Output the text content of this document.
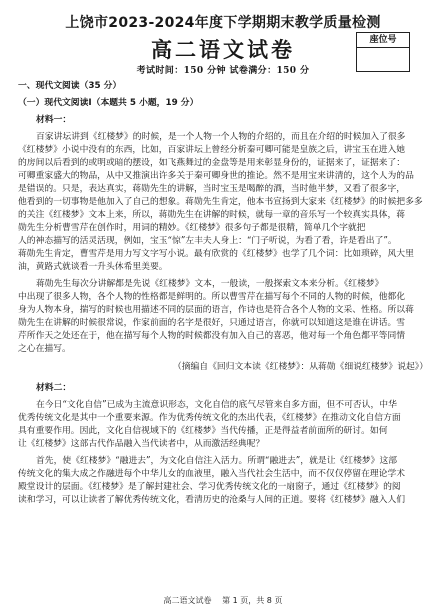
上饶市2023-2024年度下学期期末教学质量检测
高二语文试卷	座位号
考试时间：150 分钟 试卷满分：150 分
一、现代文阅读（35 分）
（一）现代文阅读Ⅰ（本题共 5 小题，19 分）
材料一：
百家讲坛讲到《红楼梦》的时候，是一个人物一个人物的介绍的，而且在介绍的时候加入了很多
《红楼梦》小说中没有的东西，比如，百家讲坛上曾经分析秦可卿可能是皇族之后，讲宝玉在进入她
的房间以后看到的或明或暗的摆设，如飞燕舞过的金盘等是用来彰显身份的，证据来了，证据来了：
可卿重家盛大的物品，从中又推演出许多关于秦可卿身世的推论。然不是用宝来讲清的，这个人为的品
是错误的。只是，表达真实，蒋勋先生的讲解，当时宝玉是喝醉的酒，当时他半梦，又看了很多字，
他看到的一切事物是他加入了自己的想象。蒋勋先生肯定，他本书宣扬到大家来《红楼梦》的时候把多多
的关注《红楼梦》文本上来，所以，蒋勋先生在讲解的时候，就每一章的音乐写一个较真实具体，蒋
勋先生分析曹雪芹在创作时，用词的精妙。《红楼梦》很多句子都是很精，简单几个字就把
人的神态描写的活灵活现，例如，宝玉“惊”左丰夫人身上：“门子听说，为看了看，许是看出了”。
蒋勋先生肯定，曹雪芹是用力写文字写小说。最有欣赏的《红楼梦》也学了几个词：比如琐碎，风大里
油，黄路式就谈看一升头休希里美要。
蒋勋先生每次分讲解都是先说《红楼梦》文本，一般读，一般探索文本来分析。《红楼梦》
中出现了很多人物，各个人物的性格都是鲜明的。所以曹雪芹在描写每个不同的人物的时候，他都化
身为人物本身，揣写的时候也用描述不同的层面的语言，作诗也是符合各个人物的文采、性格。所以蒋
勋先生在讲解的时候很常说，作家前面的名字是很好，只通过语言，你就可以知道这是谁在讲话。雪
芹所作天之处还在于，他在描写每个人物的时候都没有加入自己的喜恶，他对每一个角色都平等同情
之心在描写。
（摘编自《回归文本读《红楼梦》：从蒋勋《细说红楼梦》说起》）
材料二：
在今日“文化自信”已成为主流意识形态，文化自信的底气尽管来自多方面，但不可否认，中华
优秀传统文化是其中一个重要来源。作为优秀传统文化的杰出代表，《红楼梦》在推动文化自信方面
具有重要作用。因此，文化自信视域下的《红楼梦》当代传播，正是得益者前面所的研讨。如何
让《红楼梦》这部古代作品融入当代读者中，从而激活经典呢？
首先，使《红楼梦》“融进去”，为文化自信注入活力。所谓“融进去”，就是让《红楼梦》这部
传统文化的集大成之作融进每个中华儿女的血液里，融入当代社会生活中，而不仅仅停留在理论学术
殿堂设计的层面。《红楼梦》是了解封建社会、学习优秀传统文化的一扇窗子，通过《红楼梦》的阅
读和学习，可以让读者了解优秀传统文化，看清历史的沧桑与人间的正道。要将《红楼梦》融入人们
高二语文试卷 第 1 页，共 8 页
